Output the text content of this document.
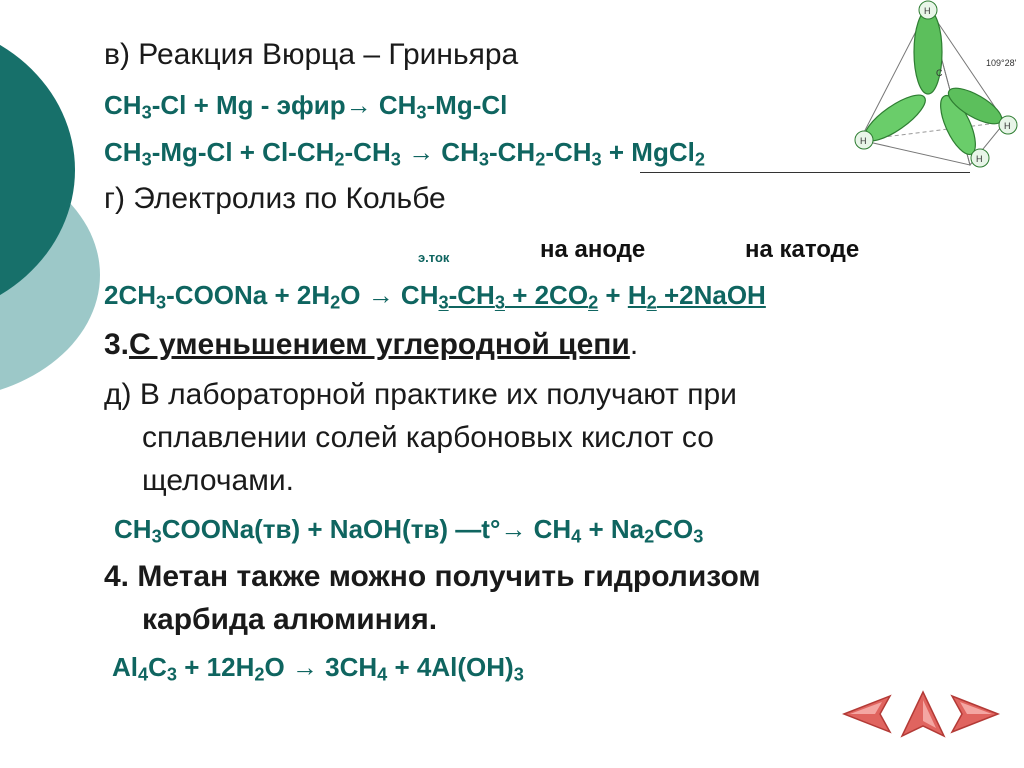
H
H
H
H
C
109°28'
в) Реакция Вюрца – Гриньяра
$CH_3-Cl + Mg$ - эфир→ $CH_3-Mg-Cl$
$CH_3-Mg-Cl + Cl-CH_2-CH_3 \to CH_3-CH_2-CH_3$ + MgCl$_2$
г) Электролиз по Кольбе
э.ток	на аноде	на катоде
$2CH_3$-COONa + $2H_2O \to CH_3-CH_3 + 2CO_2 + H_2$ +2NaOH
3.С уменьшением углеродной цепи.
д) В лабораторной практике их получают при
сплавлении солей карбоновых кислот со
щелочами.
$CH_3COONa(тв)$ + NaOH(тв) —t°→ $CH_4 + Na_2CO_3$
4. Метан также можно получить гидролизом
карбида алюминия.
$Al_4C_3 + 12H_2O \to 3CH_4 + 4Al(OH)_3$
